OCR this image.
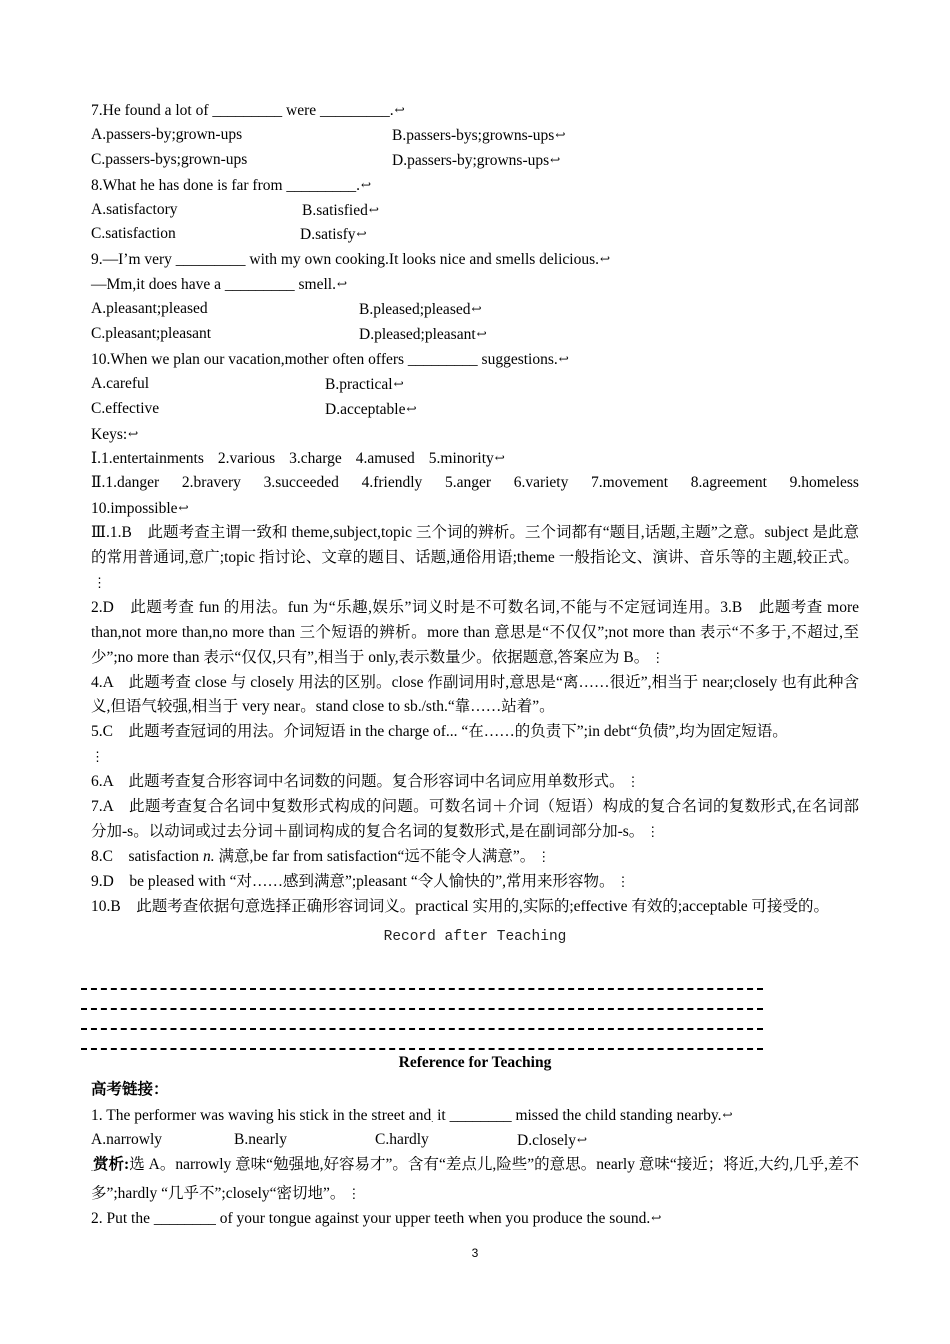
7.He found a lot of _________ were _________.↩
A.passers-by;grown-ups	B.passers-bys;growns-ups↩
C.passers-bys;grown-ups	D.passers-by;growns-ups↩
8.What he has done is far from _________.↩
A.satisfactory	B.satisfied↩
C.satisfaction	D.satisfy↩
9.—I’m very _________ with my own cooking.It looks nice and smells delicious.↩
—Mm,it does have a _________ smell.↩
A.pleasant;pleased	B.pleased;pleased↩
C.pleasant;pleasant	D.pleased;pleasant↩
10.When we plan our vacation,mother often offers _________ suggestions.↩
A.careful	B.practical↩
C.effective	D.acceptable↩
Keys:↩
Ⅰ.1.entertainments 2.various 3.charge 4.amused 5.minority↩
Ⅱ.1.danger 2.bravery 3.succeeded 4.friendly 5.anger 6.variety 7.movement 8.agreement 9.homeless
10.impossible↩
Ⅲ.1.B　此题考查主谓一致和 theme,subject,topic 三个词的辨析。三个词都有“题目,话题,主题”之意。subject 是此意的常用普通词,意广;topic 指讨论、文章的题目、话题,通俗用语;theme 一般指论文、演讲、音乐等的主题,较正式。⋮
2.D　此题考查 fun 的用法。fun 为“乐趣,娱乐”词义时是不可数名词,不能与不定冠词连用。3.B　此题考查 more than,not more than,no more than 三个短语的辨析。more than 意思是“不仅仅”;not more than 表示“不多于,不超过,至少”;no more than 表示“仅仅,只有”,相当于 only,表示数量少。依据题意,答案应为 B。 ⋮
4.A　此题考查 close 与 closely 用法的区别。close 作副词用时,意思是“离……很近”,相当于 near;closely 也有此种含义,但语气较强,相当于 very near。stand close to sb./sth.“靠……站着”。
5.C　此题考查冠词的用法。介词短语 in the charge of... “在……的负责下”;in debt“负债”,均为固定短语。
⋮
6.A　此题考查复合形容词中名词数的问题。复合形容词中名词应用单数形式。 ⋮
7.A　此题考查复合名词中复数形式构成的问题。可数名词＋介词（短语）构成的复合名词的复数形式,在名词部分加-s。以动词或过去分词＋副词构成的复合名词的复数形式,是在副词部分加-s。 ⋮
8.C　satisfaction n. 满意,be far from satisfaction“远不能令人满意”。 ⋮
9.D　be pleased with “对……感到满意”;pleasant “令人愉快的”,常用来形容物。 ⋮
10.B　此题考查依据句意选择正确形容词词义。practical 实用的,实际的;effective 有效的;acceptable 可接受的。
Record after Teaching
Reference for Teaching
高考链接：
1. The performer was waving his stick in the street and. it ________ missed the child standing nearby.↩
A.narrowly	B.nearly	C.hardly	D.closely↩
.赏析:选 A。narrowly 意味“勉强地,好容易才”。含有“差点儿,险些”的意思。nearly 意味“接近；将近,大约,几乎,差不多”;hardly “几乎不”;closely“密切地”。 ⋮
2. Put the ________ of your tongue against your upper teeth when you produce the sound.↩
3
